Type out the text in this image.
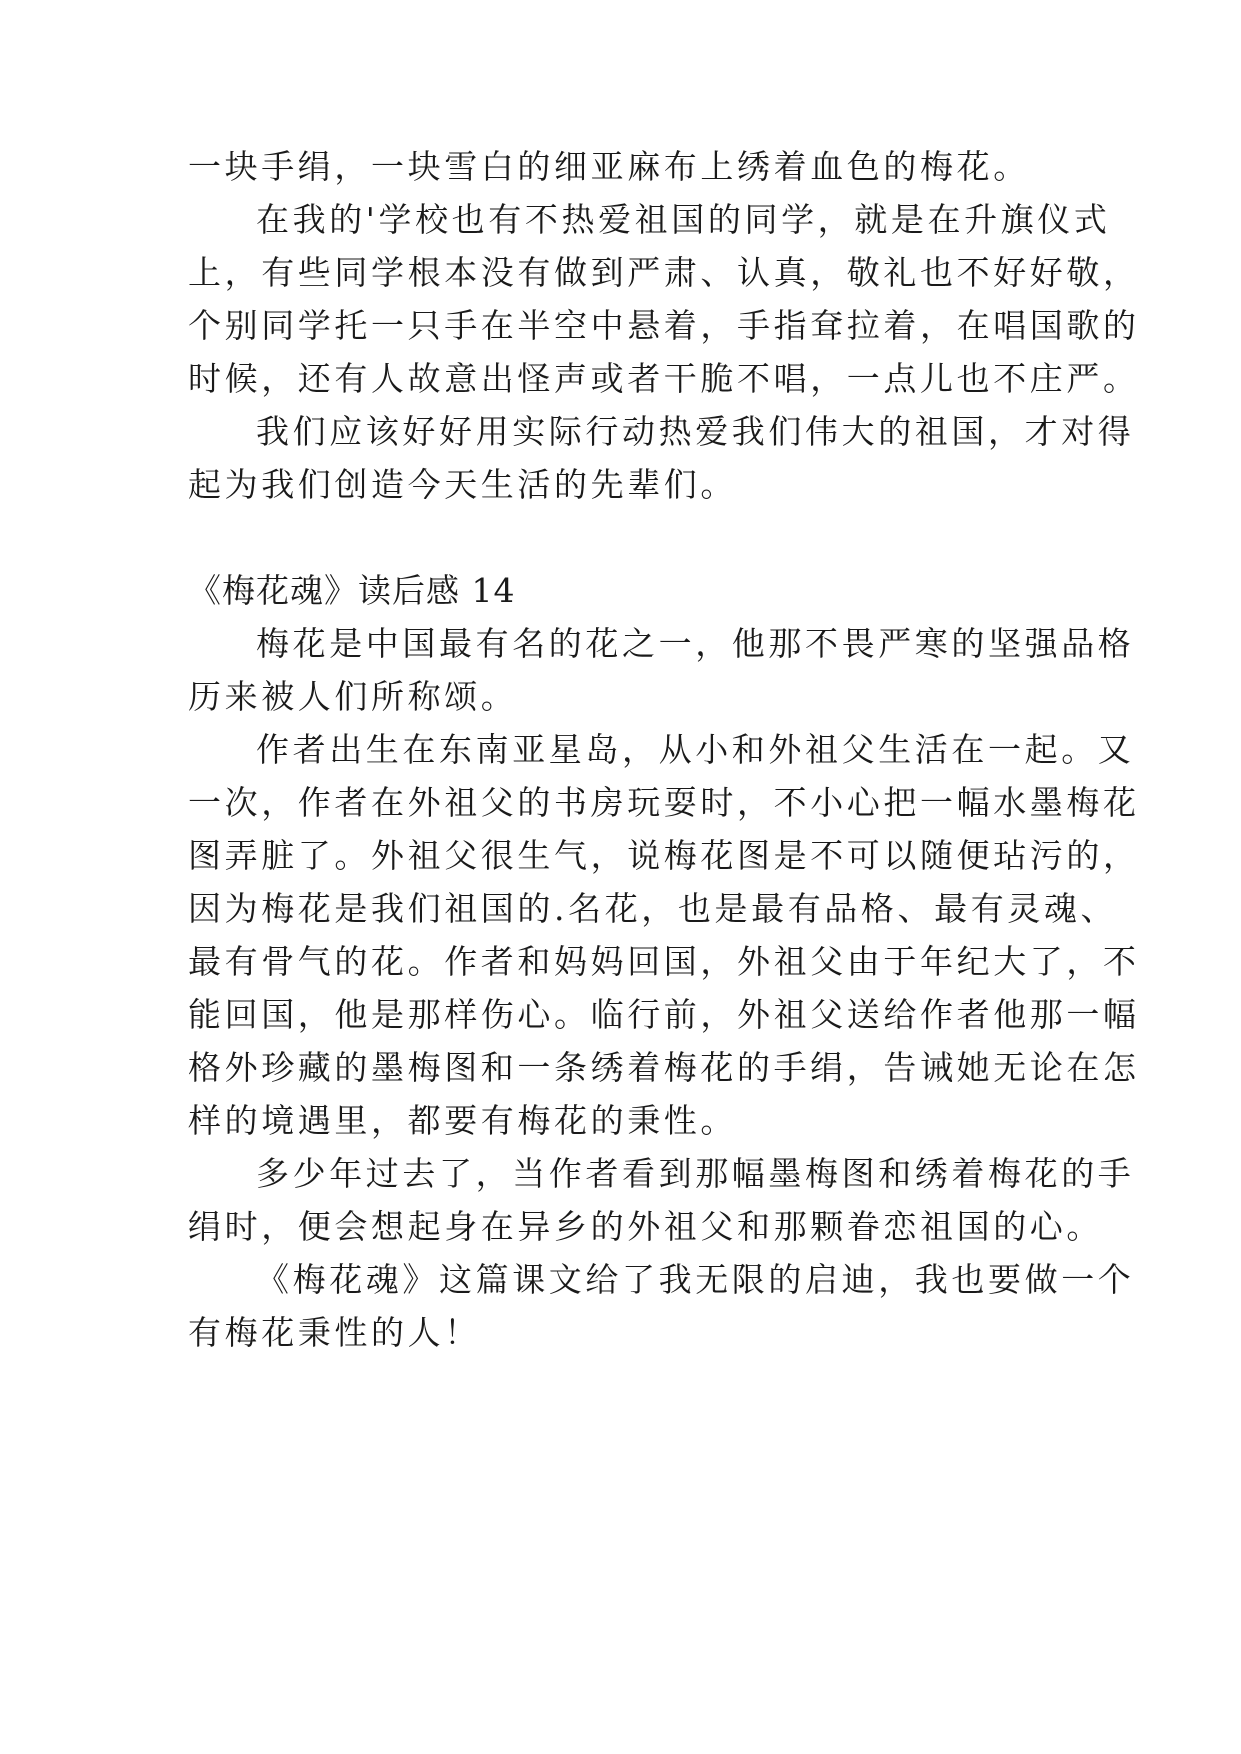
一块手绢，一块雪白的细亚麻布上绣着血色的梅花。
在我的'学校也有不热爱祖国的同学，就是在升旗仪式
上，有些同学根本没有做到严肃、认真，敬礼也不好好敬，
个别同学托一只手在半空中悬着，手指耷拉着，在唱国歌的
时候，还有人故意出怪声或者干脆不唱，一点儿也不庄严。
我们应该好好用实际行动热爱我们伟大的祖国，才对得
起为我们创造今天生活的先辈们。
《梅花魂》读后感 14
梅花是中国最有名的花之一，他那不畏严寒的坚强品格
历来被人们所称颂。
作者出生在东南亚星岛，从小和外祖父生活在一起。又
一次，作者在外祖父的书房玩耍时，不小心把一幅水墨梅花
图弄脏了。外祖父很生气，说梅花图是不可以随便玷污的，
因为梅花是我们祖国的.名花，也是最有品格、最有灵魂、
最有骨气的花。作者和妈妈回国，外祖父由于年纪大了，不
能回国，他是那样伤心。临行前，外祖父送给作者他那一幅
格外珍藏的墨梅图和一条绣着梅花的手绢，告诫她无论在怎
样的境遇里，都要有梅花的秉性。
多少年过去了，当作者看到那幅墨梅图和绣着梅花的手
绢时，便会想起身在异乡的外祖父和那颗眷恋祖国的心。
《梅花魂》这篇课文给了我无限的启迪，我也要做一个
有梅花秉性的人！
